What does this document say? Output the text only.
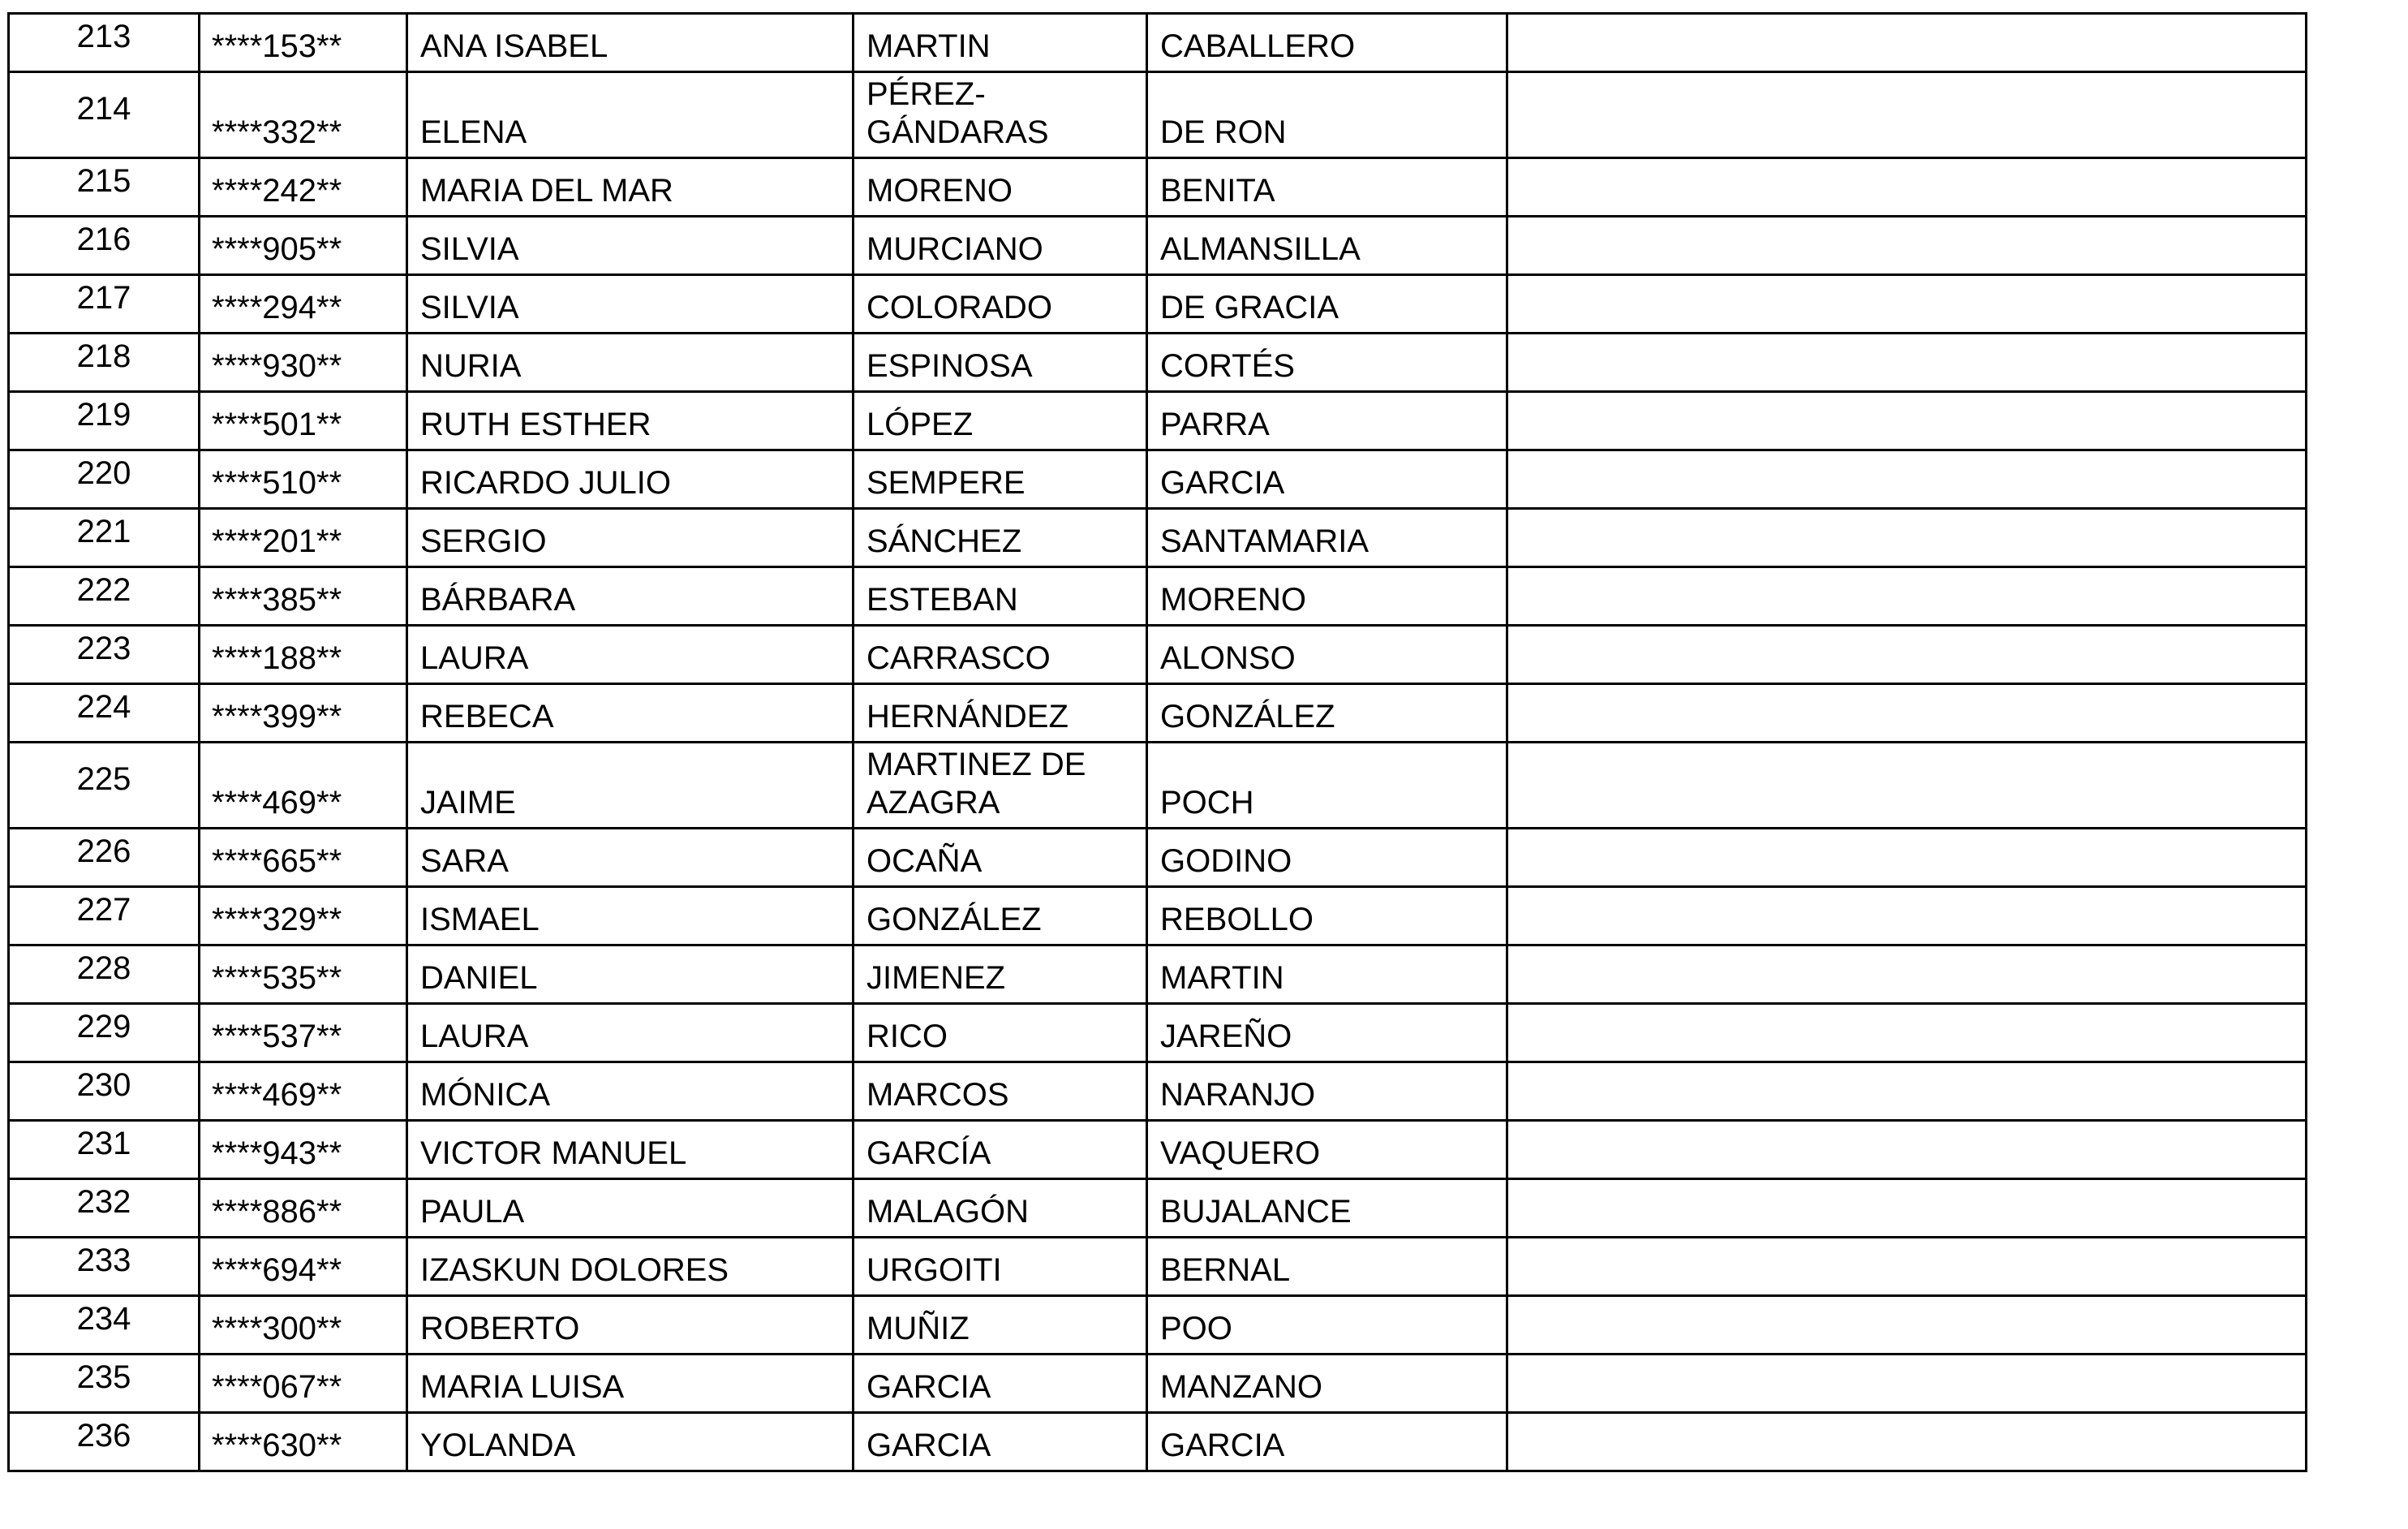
213	****153**	ANA ISABEL	MARTIN	CABALLERO	
214	****332**	ELENA	PÉREZ-GÁNDARAS	DE RON	
215	****242**	MARIA DEL MAR	MORENO	BENITA	
216	****905**	SILVIA	MURCIANO	ALMANSILLA	
217	****294**	SILVIA	COLORADO	DE GRACIA	
218	****930**	NURIA	ESPINOSA	CORTÉS	
219	****501**	RUTH ESTHER	LÓPEZ	PARRA	
220	****510**	RICARDO JULIO	SEMPERE	GARCIA	
221	****201**	SERGIO	SÁNCHEZ	SANTAMARIA	
222	****385**	BÁRBARA	ESTEBAN	MORENO	
223	****188**	LAURA	CARRASCO	ALONSO	
224	****399**	REBECA	HERNÁNDEZ	GONZÁLEZ	
225	****469**	JAIME	MARTINEZ DE AZAGRA	POCH	
226	****665**	SARA	OCAÑA	GODINO	
227	****329**	ISMAEL	GONZÁLEZ	REBOLLO	
228	****535**	DANIEL	JIMENEZ	MARTIN	
229	****537**	LAURA	RICO	JAREÑO	
230	****469**	MÓNICA	MARCOS	NARANJO	
231	****943**	VICTOR MANUEL	GARCÍA	VAQUERO	
232	****886**	PAULA	MALAGÓN	BUJALANCE	
233	****694**	IZASKUN DOLORES	URGOITI	BERNAL	
234	****300**	ROBERTO	MUÑIZ	POO	
235	****067**	MARIA LUISA	GARCIA	MANZANO	
236	****630**	YOLANDA	GARCIA	GARCIA	
